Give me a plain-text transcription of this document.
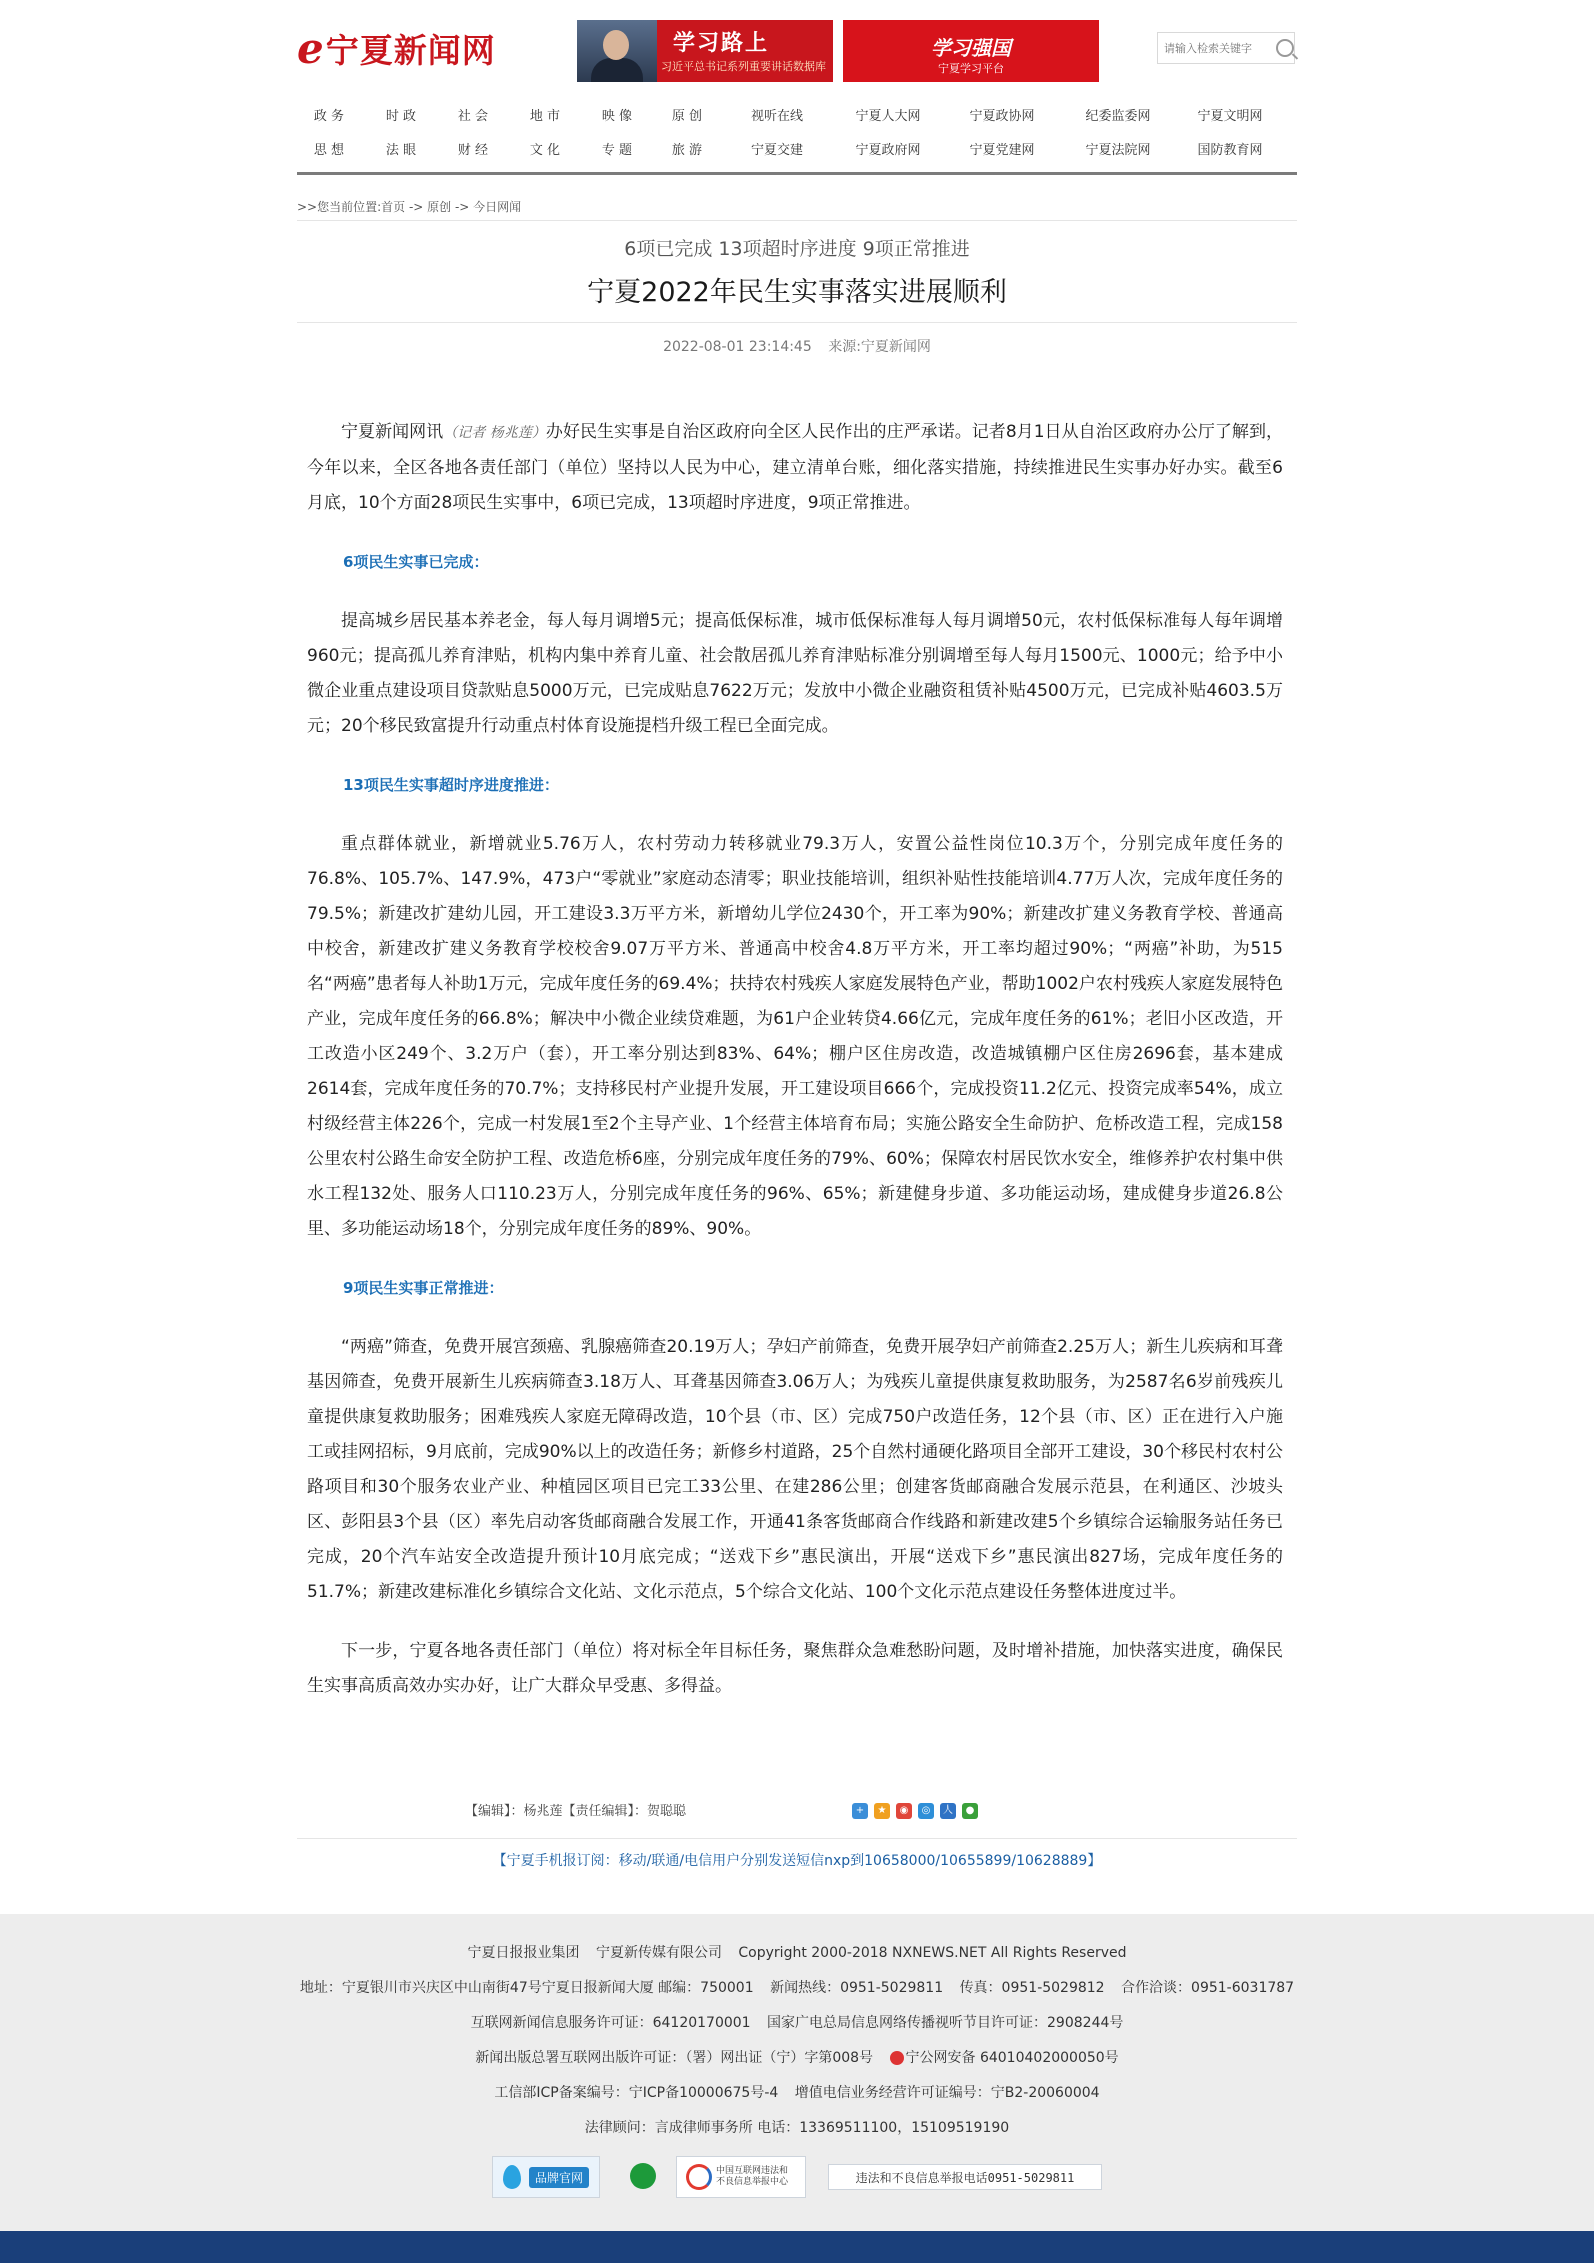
e 宁夏新闻网	学习路上
习近平总书记系列重要讲话数据库
学习强国
宁夏学习平台
请输入检索关键字
政 务	时 政	社 会	地 市	映 像	原 创	视听在线	宁夏人大网	宁夏政协网	纪委监委网	宁夏文明网
思 想	法 眼	财 经	文 化	专 题	旅 游	宁夏交建	宁夏政府网	宁夏党建网	宁夏法院网	国防教育网
>>您当前位置:首页 -> 原创 -> 今日网闻
6项已完成 13项超时序进度 9项正常推进
宁夏2022年民生实事落实进展顺利
2022-08-01 23:14:45 来源:宁夏新闻网

宁夏新闻网讯（记者 杨兆莲）办好民生实事是自治区政府向全区人民作出的庄严承诺。记者8月1日从自治区政府办公厅了解到，今年以来，全区各地各责任部门（单位）坚持以人民为中心，建立清单台账，细化落实措施，持续推进民生实事办好办实。截至6月底，10个方面28项民生实事中，6项已完成，13项超时序进度，9项正常推进。

6项民生实事已完成：

提高城乡居民基本养老金，每人每月调增5元；提高低保标准，城市低保标准每人每月调增50元，农村低保标准每人每年调增960元；提高孤儿养育津贴，机构内集中养育儿童、社会散居孤儿养育津贴标准分别调增至每人每月1500元、1000元；给予中小微企业重点建设项目贷款贴息5000万元，已完成贴息7622万元；发放中小微企业融资租赁补贴4500万元，已完成补贴4603.5万元；20个移民致富提升行动重点村体育设施提档升级工程已全面完成。

13项民生实事超时序进度推进：

重点群体就业，新增就业5.76万人，农村劳动力转移就业79.3万人，安置公益性岗位10.3万个，分别完成年度任务的76.8%、105.7%、147.9%，473户“零就业”家庭动态清零；职业技能培训，组织补贴性技能培训4.77万人次，完成年度任务的79.5%；新建改扩建幼儿园，开工建设3.3万平方米，新增幼儿学位2430个，开工率为90%；新建改扩建义务教育学校、普通高中校舍，新建改扩建义务教育学校校舍9.07万平方米、普通高中校舍4.8万平方米，开工率均超过90%；“两癌”补助，为515名“两癌”患者每人补助1万元，完成年度任务的69.4%；扶持农村残疾人家庭发展特色产业，帮助1002户农村残疾人家庭发展特色产业，完成年度任务的66.8%；解决中小微企业续贷难题，为61户企业转贷4.66亿元，完成年度任务的61%；老旧小区改造，开工改造小区249个、3.2万户（套），开工率分别达到83%、64%；棚户区住房改造，改造城镇棚户区住房2696套，基本建成2614套，完成年度任务的70.7%；支持移民村产业提升发展，开工建设项目666个，完成投资11.2亿元、投资完成率54%，成立村级经营主体226个，完成一村发展1至2个主导产业、1个经营主体培育布局；实施公路安全生命防护、危桥改造工程，完成158公里农村公路生命安全防护工程、改造危桥6座，分别完成年度任务的79%、60%；保障农村居民饮水安全，维修养护农村集中供水工程132处、服务人口110.23万人，分别完成年度任务的96%、65%；新建健身步道、多功能运动场，建成健身步道26.8公里、多功能运动场18个，分别完成年度任务的89%、90%。

9项民生实事正常推进：

“两癌”筛查，免费开展宫颈癌、乳腺癌筛查20.19万人；孕妇产前筛查，免费开展孕妇产前筛查2.25万人；新生儿疾病和耳聋基因筛查，免费开展新生儿疾病筛查3.18万人、耳聋基因筛查3.06万人；为残疾儿童提供康复救助服务，为2587名6岁前残疾儿童提供康复救助服务；困难残疾人家庭无障碍改造，10个县（市、区）完成750户改造任务，12个县（市、区）正在进行入户施工或挂网招标，9月底前，完成90%以上的改造任务；新修乡村道路，25个自然村通硬化路项目全部开工建设，30个移民村农村公路项目和30个服务农业产业、种植园区项目已完工33公里、在建286公里；创建客货邮商融合发展示范县，在利通区、沙坡头区、彭阳县3个县（区）率先启动客货邮商融合发展工作，开通41条客货邮商合作线路和新建改建5个乡镇综合运输服务站任务已完成，20个汽车站安全改造提升预计10月底完成；“送戏下乡”惠民演出，开展“送戏下乡”惠民演出827场，完成年度任务的51.7%；新建改建标准化乡镇综合文化站、文化示范点，5个综合文化站、100个文化示范点建设任务整体进度过半。

下一步，宁夏各地各责任部门（单位）将对标全年目标任务，聚焦群众急难愁盼问题，及时增补措施，加快落实进度，确保民生实事高质高效办实办好，让广大群众早受惠、多得益。

【编辑】：杨兆莲【责任编辑】：贺聪聪	+	★	◉	◎	人	●
【宁夏手机报订阅：移动/联通/电信用户分别发送短信nxp到10658000/10655899/10628889】
宁夏日报报业集团 宁夏新传媒有限公司 Copyright 2000-2018 NXNEWS.NET All Rights Reserved
地址：宁夏银川市兴庆区中山南街47号宁夏日报新闻大厦 邮编：750001 新闻热线：0951-5029811 传真：0951-5029812 合作洽谈：0951-6031787
互联网新闻信息服务许可证：64120170001 国家广电总局信息网络传播视听节目许可证：2908244号
新闻出版总署互联网出版许可证：（署）网出证（宁）字第008号 宁公网安备 64010402000050号
工信部ICP备案编号：宁ICP备10000675号-4 增值电信业务经营许可证编号：宁B2-20060004
法律顾问：言成律师事务所 电话：13369511100，15109519190
品牌官网	中国互联网违法和不良信息举报中心	违法和不良信息举报电话0951-5029811
